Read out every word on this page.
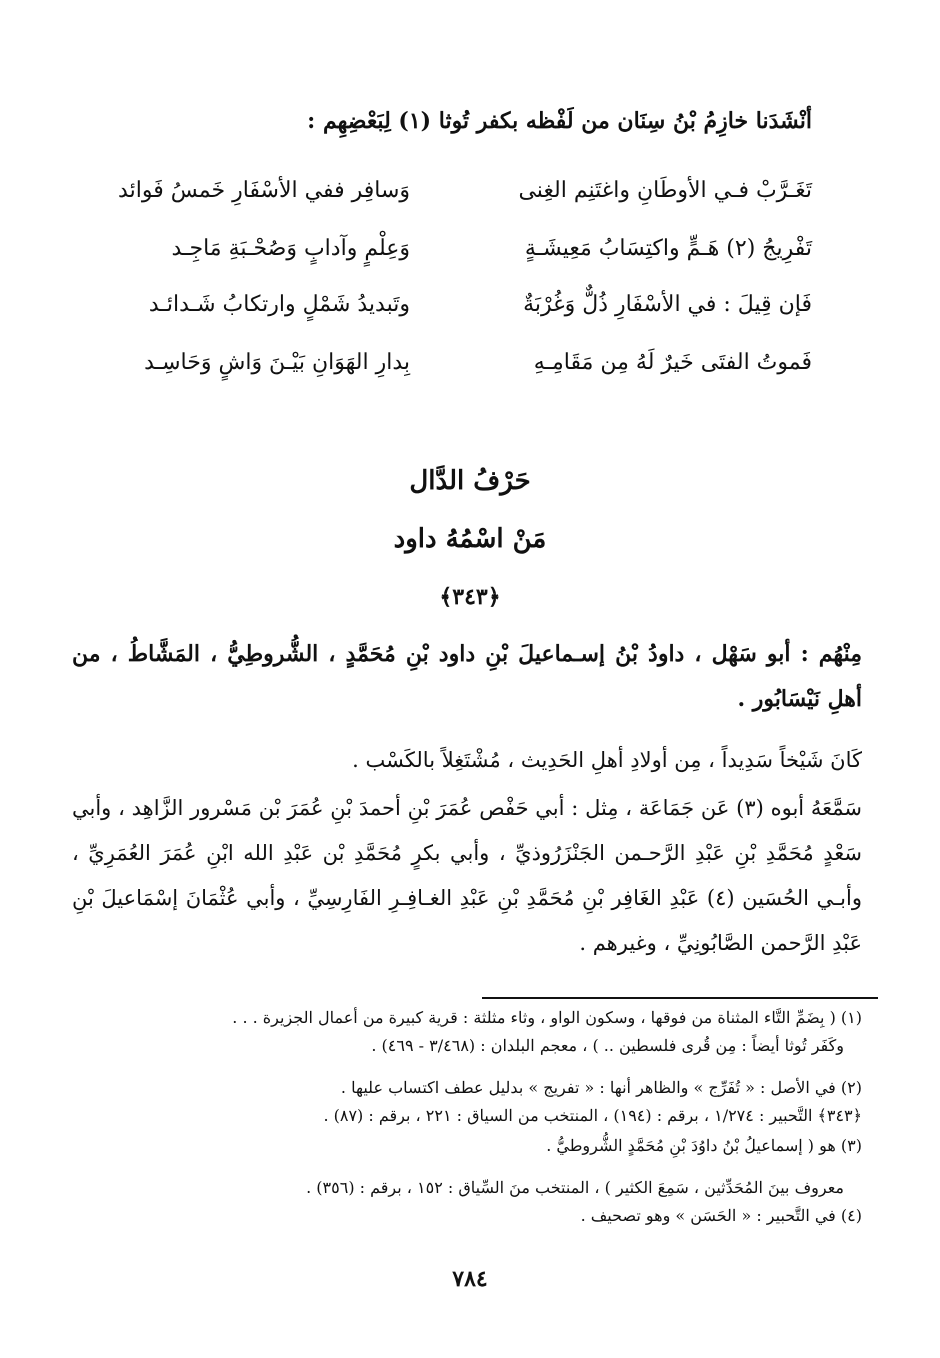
أنْشَدَنا خازِمُ بْنُ سِنَان من لَفْظه بكفر تُوثا (١) لِبَعْضِهِم :
تَغَـرَّبْ فـي الأوطَانِ واغتَنِم الغِنى
وَسافِر ففي الأسْفَارِ خَمسُ فَوائد
تَفْرِيجُ (٢) هَـمٍّ واكتِسَابُ مَعِيشَـةٍ
وَعِلْمٍ وآدابٍ وَصُحْـبَةِ مَاجِـد
فَإن قِيلَ : في الأسْفَارِ ذُلٌّ وَغُرْبَةٌ
وتَبديدُ شَمْلٍ وارتكابُ شَـدائـد
فَموتُ الفتَى خَيرٌ لَهُ مِن مَقَامِـهِ
بِدارِ الهَوَانِ بَيْـنَ وَاشٍ وَحَاسِـد
حَرْفُ الدَّال
مَنْ اسْمُهُ داود
﴿٣٤٣﴾
مِنْهُم : أبو سَهْل ، داودُ بْنُ إسـماعيلَ بْنِ داود بْنِ مُحَمَّدٍ ، الشُّروطِيُّ ، المَشَّاطُ ، من أهلِ نَيْسَابُور .
كَانَ شَيْخاً سَدِيداً ، مِن أولادِ أهلِ الحَدِيث ، مُشْتَغِلاً بالكَسْب .
سَمَّعَهُ أبوه (٣) عَن جَمَاعَة ، مِثل : أبي حَفْص عُمَرَ بْنِ أحمدَ بْنِ عُمَرَ بْن مَسْرور الزَّاهِد ، وأبي سَعْدٍ مُحَمَّدِ بْنِ عَبْدِ الرَّحـمن الجَنْزَرُوذيِّ ، وأبي بكرٍ مُحَمَّدِ بْن عَبْدِ الله ابْنِ عُمَرَ العُمَرِيِّ ، وأبـي الحُسَين (٤) عَبْدِ الغَافِر بْنِ مُحَمَّدِ بْنِ عَبْدِ الغـافِـرِ الفَارِسِيِّ ، وأبي عُثْمَانَ إسْمَاعيلَ بْنِ عَبْدِ الرَّحمن الصَّابُونِيِّ ، وغيرهم .
(١) ( بِضَمِّ التَّاء المثناة من فوقها ، وسكون الواو ، وثاء مثلثة : قرية كبيرة من أعمال الجزيرة . . .
وكَفَر تُوثا أيضاً : مِن قُرى فلسطين .. ) ، معجم البلدان : (٣/٤٦٨ - ٤٦٩) .
(٢) في الأصل : « تُفَرِّج » والظاهر أنها : « تفريج » بدليل عطف اكتساب عليها .
﴿٣٤٣﴾ التَّحبير : ١/٢٧٤ ، برقم : (١٩٤) ، المنتخب من السياق : ٢٢١ ، برقم : (٨٧) .
(٣) هو ( إسماعيلُ بْنُ داوُدَ بْنِ مُحَمَّدٍ الشُّروطيُّ .
معروف بينَ المُحَدِّثين ، سَمِعَ الكثير ) ، المنتخب منَ السِّياق : ١٥٢ ، برقم : (٣٥٦) .
(٤) في التَّحبير : « الحَسَن » وهو تصحيف .
٧٨٤
